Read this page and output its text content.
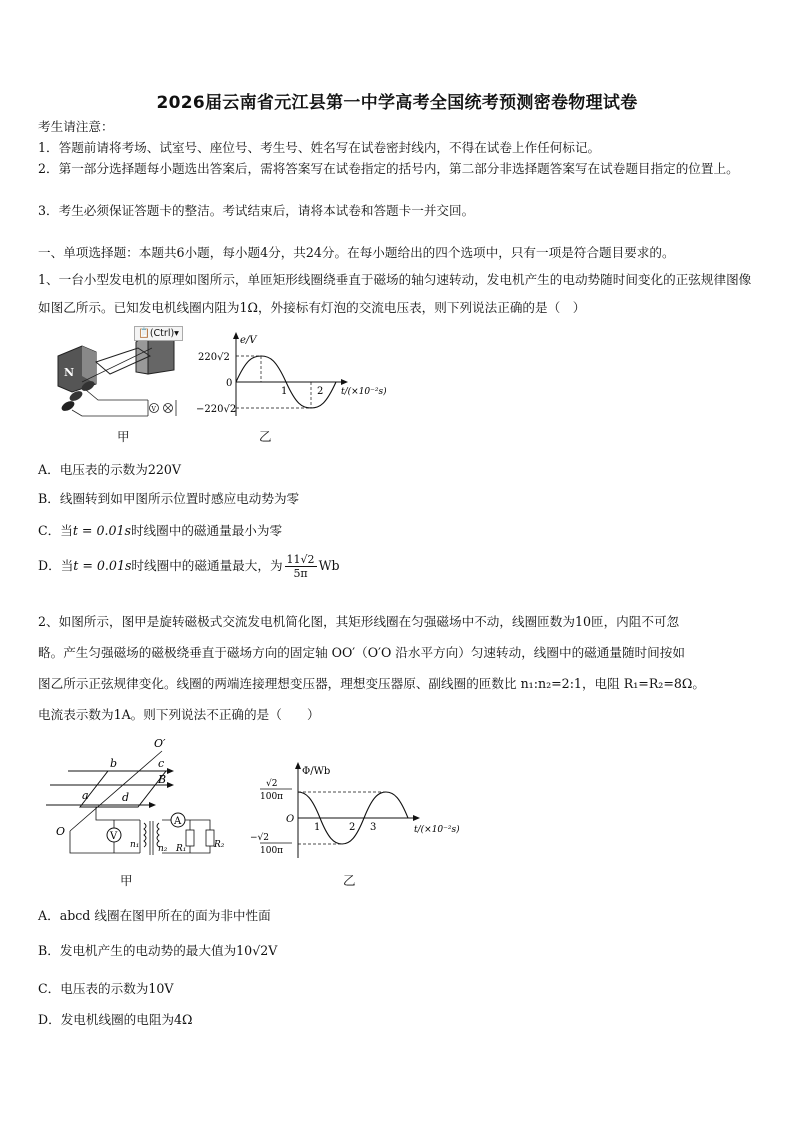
2026届云南省元江县第一中学高考全国统考预测密卷物理试卷
考生请注意：
1．答题前请将考场、试室号、座位号、考生号、姓名写在试卷密封线内，不得在试卷上作任何标记。
2．第一部分选择题每小题选出答案后，需将答案写在试卷指定的括号内，第二部分非选择题答案写在试卷题目指定的位置上。
3．考生必须保证答题卡的整洁。考试结束后，请将本试卷和答题卡一并交回。
一、单项选择题：本题共6小题，每小题4分，共24分。在每小题给出的四个选项中，只有一项是符合题目要求的。
1、一台小型发电机的原理如图所示，单匝矩形线圈绕垂直于磁场的轴匀速转动，发电机产生的电动势随时间变化的正弦规律图像如图乙所示。已知发电机线圈内阻为1Ω，外接标有灯泡的交流电压表，则下列说法正确的是（　）
N
V
📋(Ctrl)▾
甲
e/V
220√2
0
−220√2
1	2 t/(×10⁻²s)
乙
A．电压表的示数为220V
B．线圈转到如甲图所示位置时感应电动势为零
C．当t = 0.01s时线圈中的磁通量最小为零
D．当t = 0.01s时线圈中的磁通量最大，为 $\frac{11√2}{5\pi}$ Wb
2、如图所示，图甲是旋转磁极式交流发电机简化图，其矩形线圈在匀强磁场中不动，线圈匝数为10匝，内阻不可忽
略。产生匀强磁场的磁极绕垂直于磁场方向的固定轴 OO′（O′O 沿水平方向）匀速转动，线圈中的磁通量随时间按如
图乙所示正弦规律变化。线圈的两端连接理想变压器，理想变压器原、副线圈的匝数比 n₁:n₂=2:1，电阻 R₁=R₂=8Ω。
电流表示数为1A。则下列说法不正确的是（　　）
O′
O
b	c
B
a	d
V
n₁ n₂
A
R₁	R₂
甲
Φ/Wb
√2
100π
O
−√2
100π
1	2 3	t/(×10⁻²s)
乙
A．abcd 线圈在图甲所在的面为非中性面
B．发电机产生的电动势的最大值为10√2V
C．电压表的示数为10V
D．发电机线圈的电阻为4Ω
